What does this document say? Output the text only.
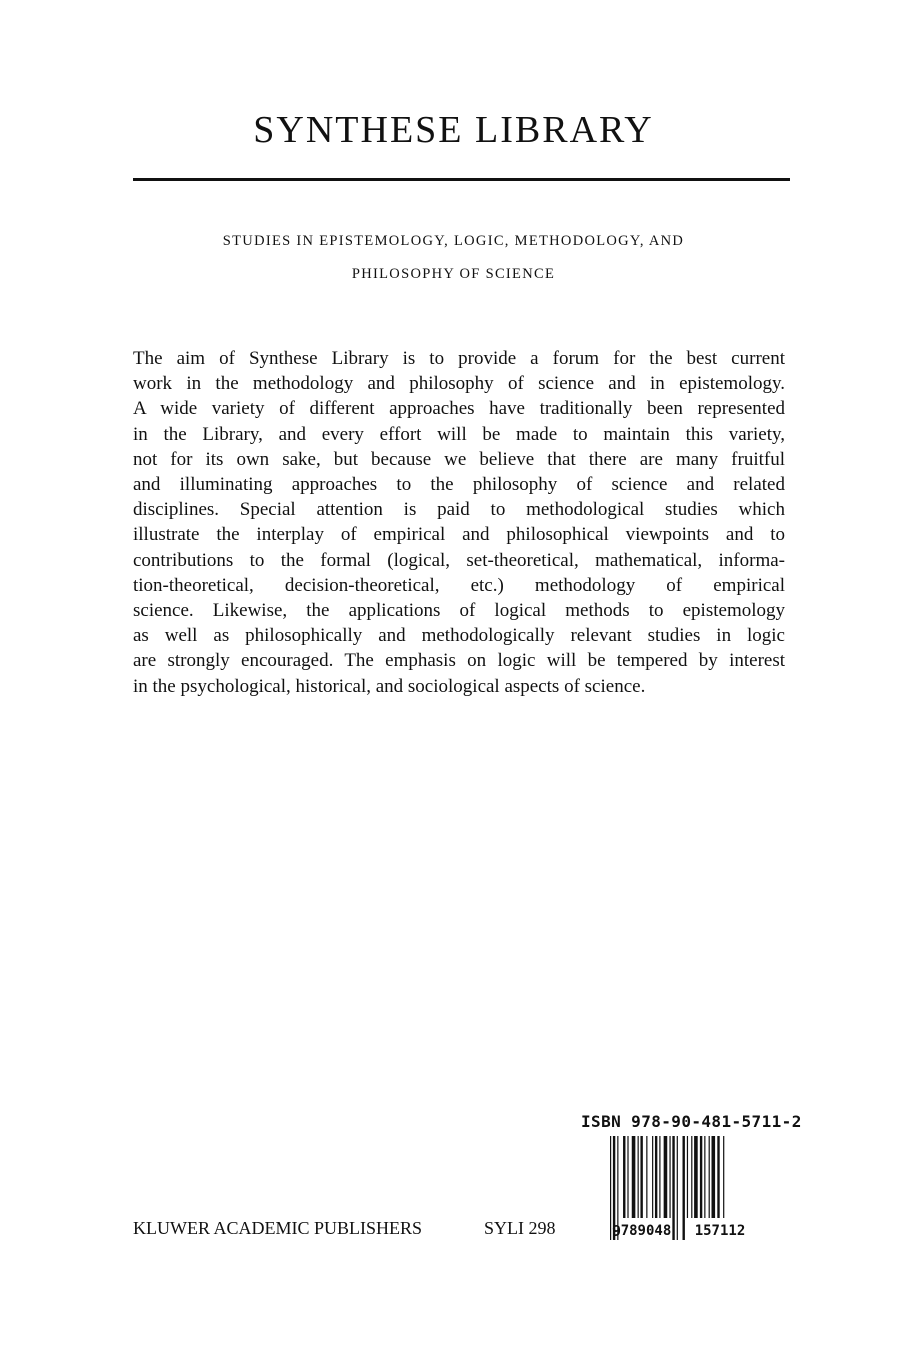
SYNTHESE LIBRARY
STUDIES IN EPISTEMOLOGY, LOGIC, METHODOLOGY, AND
PHILOSOPHY OF SCIENCE
The aim of Synthese Library is to provide a forum for the best current
work in the methodology and philosophy of science and in epistemology.
A wide variety of different approaches have traditionally been represented
in the Library, and every effort will be made to maintain this variety,
not for its own sake, but because we believe that there are many fruitful
and illuminating approaches to the philosophy of science and related
disciplines. Special attention is paid to methodological studies which
illustrate the interplay of empirical and philosophical viewpoints and to
contributions to the formal (logical, set-theoretical, mathematical, informa-
tion-theoretical, decision-theoretical, etc.) methodology of empirical
science. Likewise, the applications of logical methods to epistemology
as well as philosophically and methodologically relevant studies in logic
are strongly encouraged. The emphasis on logic will be tempered by interest
in the psychological, historical, and sociological aspects of science.
ISBN 978-90-481-5711-2
789048 157112
9
KLUWER ACADEMIC PUBLISHERS	SYLI 298
